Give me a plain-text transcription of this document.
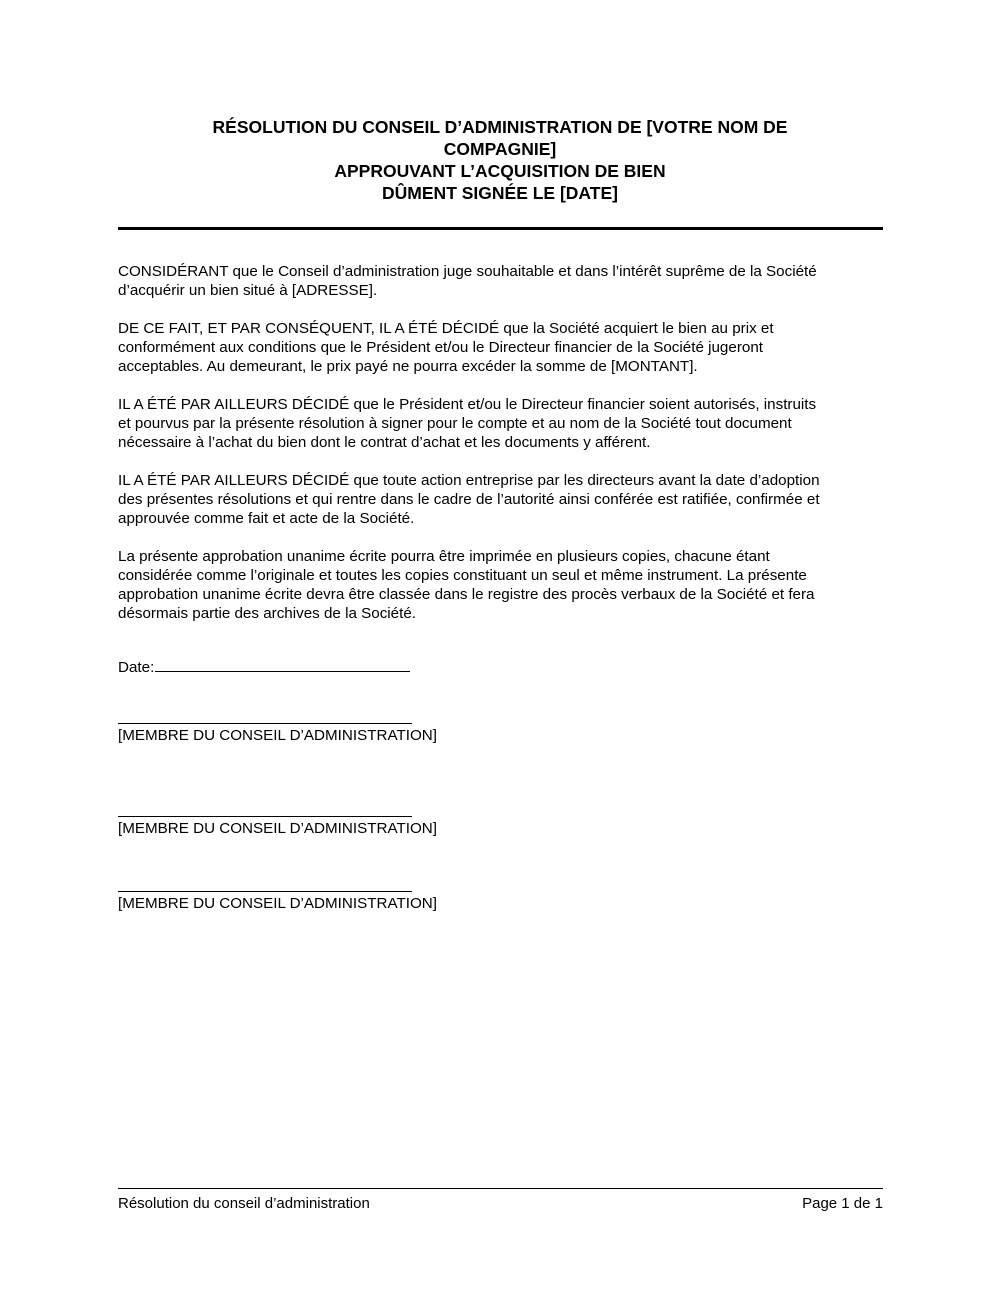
RÉSOLUTION DU CONSEIL D’ADMINISTRATION DE [VOTRE NOM DE
COMPAGNIE]
APPROUVANT L’ACQUISITION DE BIEN
DÛMENT SIGNÉE LE [DATE]

CONSIDÉRANT que le Conseil d’administration juge souhaitable et dans l’intérêt suprême de la Société
d’acquérir un bien situé à [ADRESSE].

DE CE FAIT, ET PAR CONSÉQUENT, IL A ÉTÉ DÉCIDÉ que la Société acquiert le bien au prix et
conformément aux conditions que le Président et/ou le Directeur financier de la Société jugeront
acceptables. Au demeurant, le prix payé ne pourra excéder la somme de [MONTANT].

IL A ÉTÉ PAR AILLEURS DÉCIDÉ que le Président et/ou le Directeur financier soient autorisés, instruits
et pourvus par la présente résolution à signer pour le compte et au nom de la Société tout document
nécessaire à l’achat du bien dont le contrat d’achat et les documents y afférent.

IL A ÉTÉ PAR AILLEURS DÉCIDÉ que toute action entreprise par les directeurs avant la date d’adoption
des présentes résolutions et qui rentre dans le cadre de l’autorité ainsi conférée est ratifiée, confirmée et
approuvée comme fait et acte de la Société.

La présente approbation unanime écrite pourra être imprimée en plusieurs copies, chacune étant
considérée comme l’originale et toutes les copies constituant un seul et même instrument. La présente
approbation unanime écrite devra être classée dans le registre des procès verbaux de la Société et fera
désormais partie des archives de la Société.

Date:
[MEMBRE DU CONSEIL D’ADMINISTRATION]
[MEMBRE DU CONSEIL D’ADMINISTRATION]
[MEMBRE DU CONSEIL D’ADMINISTRATION]
Résolution du conseil d’administration	Page 1 de 1
